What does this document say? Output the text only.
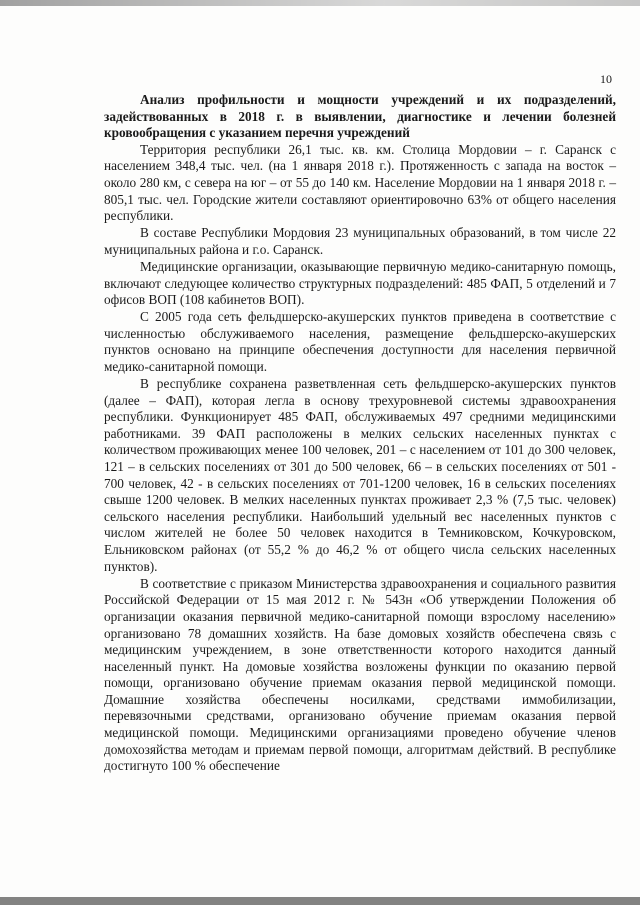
10

Анализ профильности и мощности учреждений и их подразделений, задействованных в 2018 г. в выявлении, диагностике и лечении болезней кровообращения с указанием перечня учреждений

Территория республики 26,1 тыс. кв. км. Столица Мордовии – г. Саранск с населением 348,4 тыс. чел. (на 1 января 2018 г.). Протяженность с запада на восток – около 280 км, с севера на юг – от 55 до 140 км. Население Мордовии на 1 января 2018 г. – 805,1 тыс. чел. Городские жители составляют ориентировочно 63% от общего населения республики.

В составе Республики Мордовия 23 муниципальных образований, в том числе 22 муниципальных района и г.о. Саранск.

Медицинские организации, оказывающие первичную медико-санитарную помощь, включают следующее количество структурных подразделений: 485 ФАП, 5 отделений и 7 офисов ВОП (108 кабинетов ВОП).

С 2005 года сеть фельдшерско-акушерских пунктов приведена в соответствие с численностью обслуживаемого населения, размещение фельдшерско-акушерских пунктов основано на принципе обеспечения доступности для населения первичной медико-санитарной помощи.

В республике сохранена разветвленная сеть фельдшерско-акушерских пунктов (далее – ФАП), которая легла в основу трехуровневой системы здравоохранения республики. Функционирует 485 ФАП, обслуживаемых 497 средними медицинскими работниками. 39 ФАП расположены в мелких сельских населенных пунктах с количеством проживающих менее 100 человек, 201 – с населением от 101 до 300 человек, 121 – в сельских поселениях от 301 до 500 человек, 66 – в сельских поселениях от 501 - 700 человек, 42 - в сельских поселениях от 701-1200 человек, 16 в сельских поселениях свыше 1200 человек. В мелких населенных пунктах проживает 2,3 % (7,5 тыс. человек) сельского населения республики. Наибольший удельный вес населенных пунктов с числом жителей не более 50 человек находится в Темниковском, Кочкуровском, Ельниковском районах (от 55,2 % до 46,2 % от общего числа сельских населенных пунктов).

В соответствие с приказом Министерства здравоохранения и социального развития Российской Федерации от 15 мая 2012 г. № 543н «Об утверждении Положения об организации оказания первичной медико-санитарной помощи взрослому населению» организовано 78 домашних хозяйств. На базе домовых хозяйств обеспечена связь с медицинским учреждением, в зоне ответственности которого находится данный населенный пункт. На домовые хозяйства возложены функции по оказанию первой помощи, организовано обучение приемам оказания первой медицинской помощи. Домашние хозяйства обеспечены носилками, средствами иммобилизации, перевязочными средствами, организовано обучение приемам оказания первой медицинской помощи. Медицинскими организациями проведено обучение членов домохозяйства методам и приемам первой помощи, алгоритмам действий. В республике достигнуто 100 % обеспечение
